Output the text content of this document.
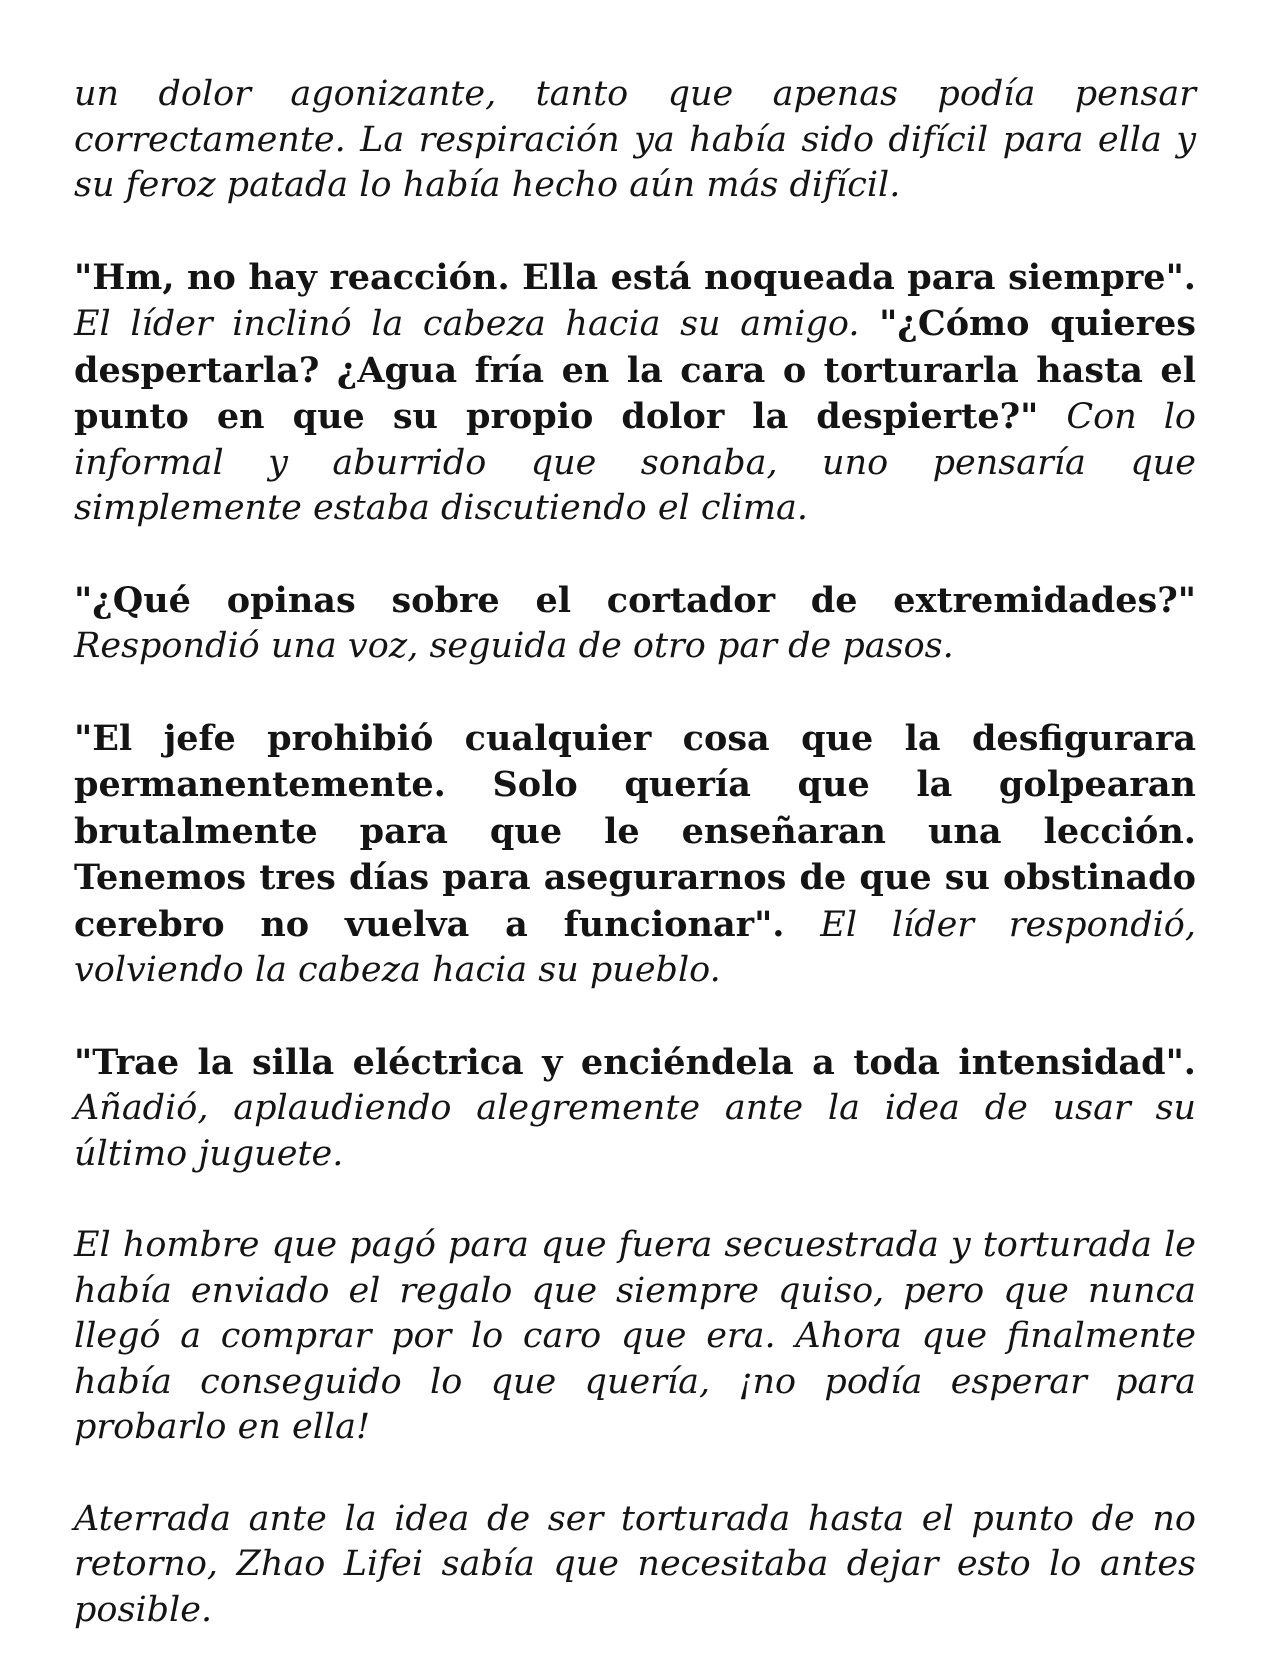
un dolor agonizante, tanto que apenas podía pensar correctamente. La respiración ya había sido difícil para ella y su feroz patada lo había hecho aún más difícil.

"Hm, no hay reacción. Ella está noqueada para siempre". El líder inclinó la cabeza hacia su amigo. "¿Cómo quieres despertarla? ¿Agua fría en la cara o torturarla hasta el punto en que su propio dolor la despierte?" Con lo informal y aburrido que sonaba, uno pensaría que simplemente estaba discutiendo el clima.

"¿Qué opinas sobre el cortador de extremidades?" Respondió una voz, seguida de otro par de pasos.

"El jefe prohibió cualquier cosa que la desfigurara permanentemente. Solo quería que la golpearan brutalmente para que le enseñaran una lección. Tenemos tres días para asegurarnos de que su obstinado cerebro no vuelva a funcionar". El líder respondió, volviendo la cabeza hacia su pueblo.

"Trae la silla eléctrica y enciéndela a toda intensidad". Añadió, aplaudiendo alegremente ante la idea de usar su último juguete.

El hombre que pagó para que fuera secuestrada y torturada le había enviado el regalo que siempre quiso, pero que nunca llegó a comprar por lo caro que era. Ahora que finalmente había conseguido lo que quería, ¡no podía esperar para probarlo en ella!

Aterrada ante la idea de ser torturada hasta el punto de no retorno, Zhao Lifei sabía que necesitaba dejar esto lo antes posible.
